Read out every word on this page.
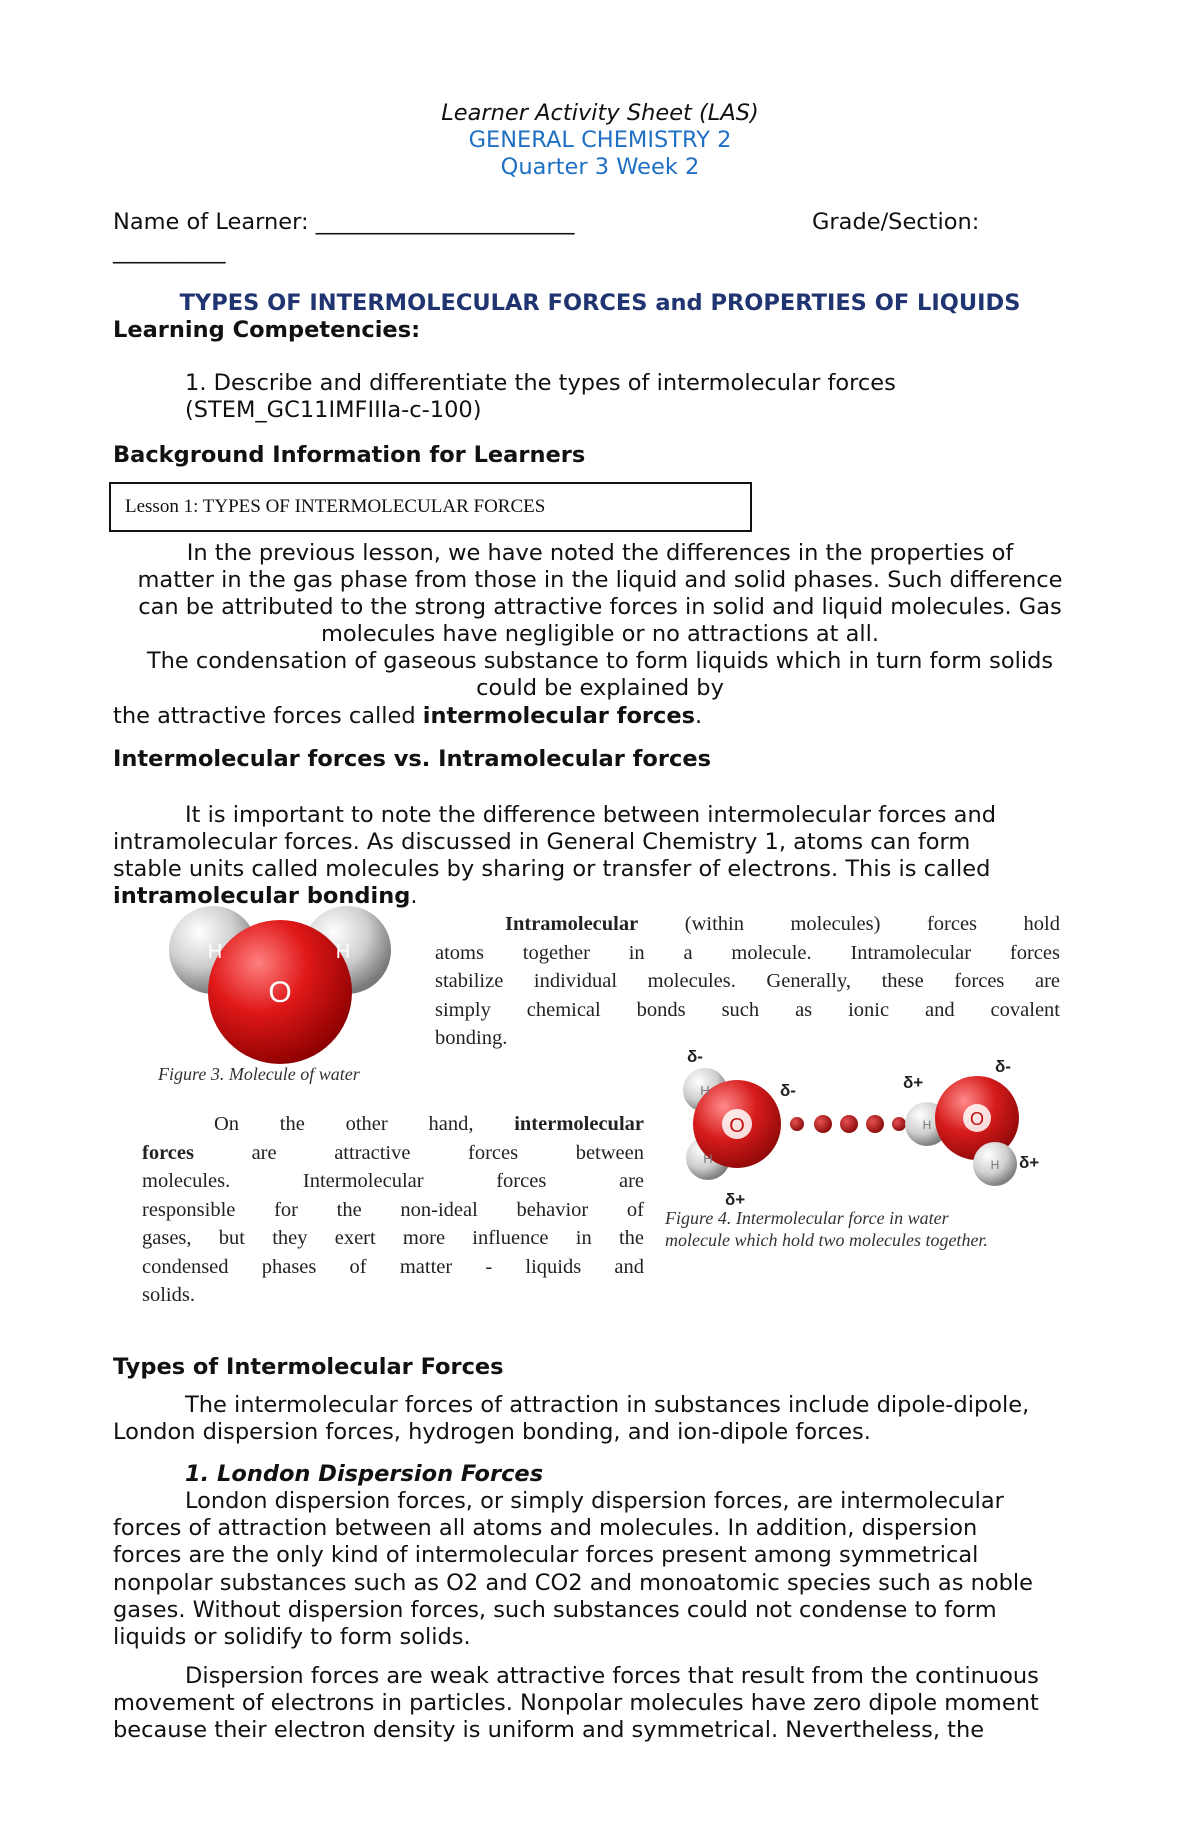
Learner Activity Sheet (LAS)
GENERAL CHEMISTRY 2
Quarter 3 Week 2
Name of Learner: _______________________	Grade/Section:
__________
TYPES OF INTERMOLECULAR FORCES and PROPERTIES OF LIQUIDS
Learning Competencies:
1. Describe and differentiate the types of intermolecular forces
(STEM_GC11IMFIIIa-c-100)
Background Information for Learners
Lesson 1: TYPES OF INTERMOLECULAR FORCES
In the previous lesson, we have noted the differences in the properties of
matter in the gas phase from those in the liquid and solid phases. Such difference
can be attributed to the strong attractive forces in solid and liquid molecules. Gas
molecules have negligible or no attractions at all.
The condensation of gaseous substance to form liquids which in turn form solids
could be explained by
the attractive forces called intermolecular forces.
Intermolecular forces vs. Intramolecular forces
It is important to note the difference between intermolecular forces and
intramolecular forces. As discussed in General Chemistry 1, atoms can form
stable units called molecules by sharing or transfer of electrons. This is called
H	H
O
intramolecular bonding.
Intramolecular (within molecules) forces hold
atoms together in a molecule. Intramolecular forces
stabilize individual molecules. Generally, these forces are
simply chemical bonds such as ionic and covalent
bonding.
Figure 3. Molecule of water
On the other hand, intermolecular
forces are attractive forces between
molecules. Intermolecular forces are
responsible for the non-ideal behavior of
gases, but they exert more influence in the
condensed phases of matter - liquids and
solids.
O
H
H
O
H
H
δ-
δ-
δ+
δ+
δ-
δ+
Figure 4. Intermolecular force in water
molecule which hold two molecules together.
Types of Intermolecular Forces
The intermolecular forces of attraction in substances include dipole-dipole,
London dispersion forces, hydrogen bonding, and ion-dipole forces.
1. London Dispersion Forces
London dispersion forces, or simply dispersion forces, are intermolecular
forces of attraction between all atoms and molecules. In addition, dispersion
forces are the only kind of intermolecular forces present among symmetrical
nonpolar substances such as O2 and CO2 and monoatomic species such as noble
gases. Without dispersion forces, such substances could not condense to form
liquids or solidify to form solids.
Dispersion forces are weak attractive forces that result from the continuous
movement of electrons in particles. Nonpolar molecules have zero dipole moment
because their electron density is uniform and symmetrical. Nevertheless, the
